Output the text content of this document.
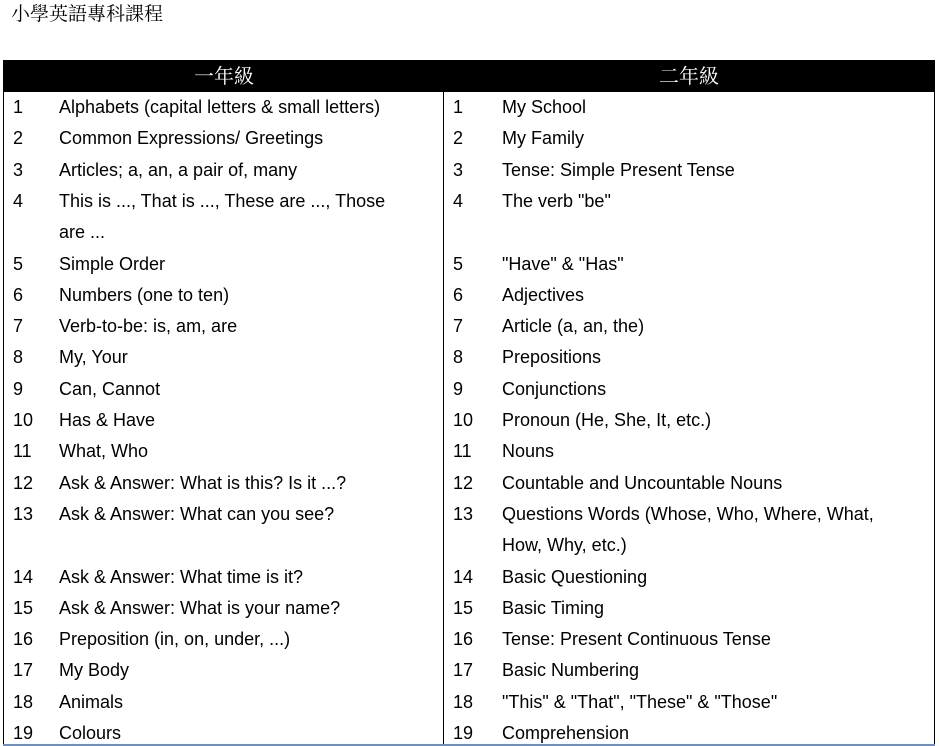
小學英語專科課程
一年級	二年級
1 Alphabets (capital letters & small letters)
2 Common Expressions/ Greetings
3 Articles; a, an, a pair of, many
4 This is ..., That is ..., These are ..., Those
are ...
5 Simple Order
6 Numbers (one to ten)
7 Verb-to-be: is, am, are
8 My, Your
9 Can, Cannot
10 Has & Have
11 What, Who
12 Ask & Answer: What is this? Is it ...?
13 Ask & Answer: What can you see?
14 Ask & Answer: What time is it?
15 Ask & Answer: What is your name?
16 Preposition (in, on, under, ...)
17 My Body
18 Animals
19 Colours
1 My School
2 My Family
3 Tense: Simple Present Tense
4 The verb "be"
5 "Have" & "Has"
6 Adjectives
7 Article (a, an, the)
8 Prepositions
9 Conjunctions
10 Pronoun (He, She, It, etc.)
11 Nouns
12 Countable and Uncountable Nouns
13 Questions Words (Whose, Who, Where, What,
How, Why, etc.)
14 Basic Questioning
15 Basic Timing
16 Tense: Present Continuous Tense
17 Basic Numbering
18 "This" & "That", "These" & "Those"
19 Comprehension
